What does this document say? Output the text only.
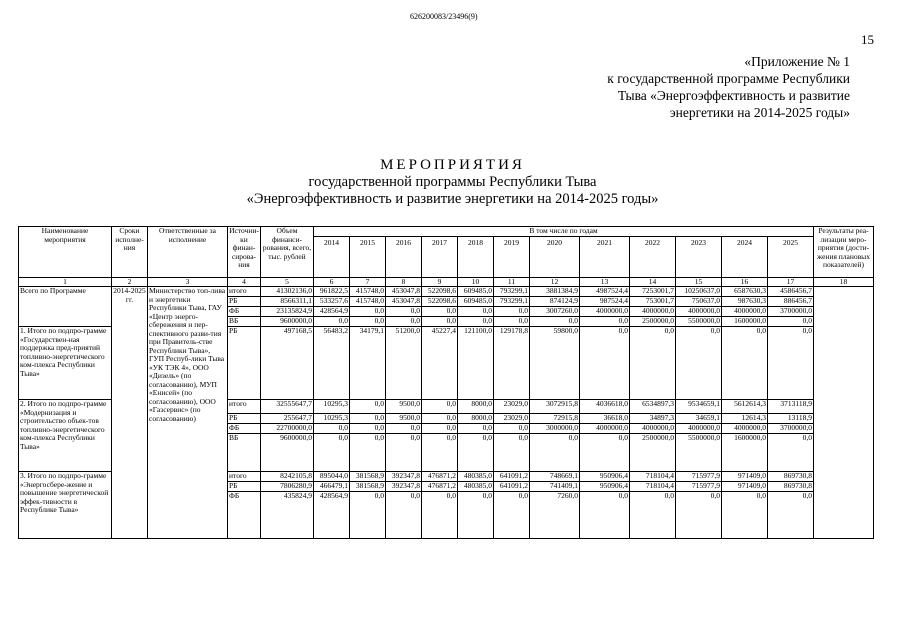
626200083/23496(9)
15
«Приложение № 1
к государственной программе Республики
Тыва «Энергоэффективность и развитие
энергетики на 2014-2025 годы»
МЕРОПРИЯТИЯ
государственной программы Республики Тыва
«Энергоэффективность и развитие энергетики на 2014-2025 годы»
Наименование мероприятия	Сроки исполне-ния	Ответственные за исполнение	Источни-ки финан-сирова-ния	Объем финанси-рования, всего, тыс. рублей	В том числе по годам												Результаты реа-лизации меро-приятия (дости-жения плановых показателей)
					2014	2015	2016	2017	2018	2019	2020	2021	2022	2023	2024	2025	
1	2	3	4	5	6	7	8	9	10	11	12	13	14	15	16	17	18
Всего по Программе	2014-2025 гг.	Министерство топ-лива и энергетики Республики Тыва, ГАУ «Центр энерго-сбережения и пер-спективного разви-тия при Правитель-стве Республики Тыва», ГУП Респуб-лики Тыва «УК ТЭК 4», ООО «Дизель» (по согласованию), МУП «Енисей» (по согласованию), ООО «Газсервис» (по согласованию)	итого	41302136,0	961822,5	415748,0	453047,8	522098,6	609485,0	793299,1	3881384,9	4987524,4	7253001,7	10250637,0	6587630,3	4586456,7	
			РБ	8566311,1	533257,6	415748,0	453047,8	522098,6	609485,0	793299,1	874124,9	987524,4	753001,7	750637,0	987630,3	886456,7	
			ФБ	23135824,9	428564,9	0,0	0,0	0,0	0,0	0,0	3007260,0	4000000,0	4000000,0	4000000,0	4000000,0	3700000,0	
			ВБ	9600000,0	0,0	0,0	0,0	0,0	0,0	0,0	0,0	0,0	2500000,0	5500000,0	1600000,0	0,0	
1. Итого по подпро-грамме «Государствен-ная поддержка пред-приятий топливно-энергетического ком-плекса Республики Тыва»			РБ	497168,5	56483,2	34179,1	51200,0	45227,4	121100,0	129178,8	59800,0	0,0	0,0	0,0	0,0	0,0	
2. Итого по подпро-грамме «Модернизация и строительство объек-тов топливно-энергетического ком-плекса Республики Тыва»			итого	32555647,7	10295,3	0,0	9500,0	0,0	8000,0	23029,0	3072915,8	4036618,0	6534897,3	9534659,1	5612614,3	3713118,9	
			РБ	255647,7	10295,3	0,0	9500,0	0,0	8000,0	23029,0	72915,8	36618,0	34897,3	34659,1	12614,3	13118,9	
			ФБ	22700000,0	0,0	0,0	0,0	0,0	0,0	0,0	3000000,0	4000000,0	4000000,0	4000000,0	4000000,0	3700000,0	
			ВБ	9600000,0	0,0	0,0	0,0	0,0	0,0	0,0	0,0	0,0	2500000,0	5500000,0	1600000,0	0,0	
3. Итого по подпро-грамме «Энергосбере-жение и повышение энергетической эффек-тивности в Республике Тыва»			итого	8242105,8	895044,0	381568,9	392347,8	476871,2	480385,0	641091,2	748669,1	950906,4	718104,4	715977,9	971409,0	869730,8	
			РБ	7806280,9	466479,1	381568,9	392347,8	476871,2	480385,0	641091,2	741409,1	950906,4	718104,4	715977,9	971409,0	869730,8	
			ФБ	435824,9	428564,9	0,0	0,0	0,0	0,0	0,0	7260,0	0,0	0,0	0,0	0,0	0,0	
